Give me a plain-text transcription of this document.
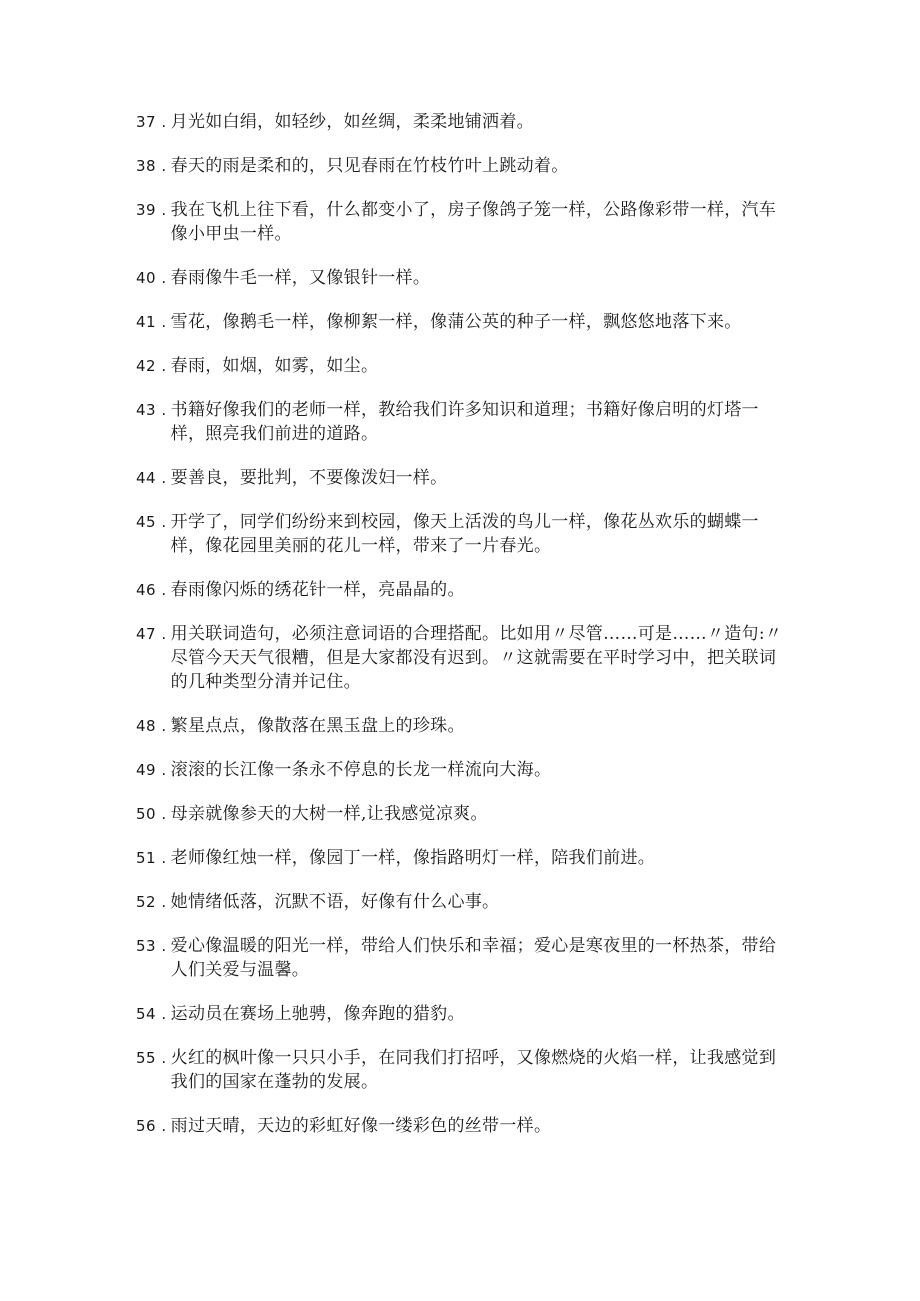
37 . 月光如白绢，如轻纱，如丝绸，柔柔地铺洒着。
38 . 春天的雨是柔和的，只见春雨在竹枝竹叶上跳动着。
39 . 我在飞机上往下看，什么都变小了，房子像鸽子笼一样，公路像彩带一样，汽车像小甲虫一样。
40 . 春雨像牛毛一样，又像银针一样。
41 . 雪花，像鹅毛一样，像柳絮一样，像蒲公英的种子一样，飘悠悠地落下来。
42 . 春雨，如烟，如雾，如尘。
43 . 书籍好像我们的老师一样，教给我们许多知识和道理；书籍好像启明的灯塔一样，照亮我们前进的道路。
44 . 要善良，要批判，不要像泼妇一样。
45 . 开学了，同学们纷纷来到校园，像天上活泼的鸟儿一样，像花丛欢乐的蝴蝶一样，像花园里美丽的花儿一样，带来了一片春光。
46 . 春雨像闪烁的绣花针一样，亮晶晶的。
47 . 用关联词造句，必须注意词语的合理搭配。比如用〃尽管……可是……〃造句:〃尽管今天天气很糟，但是大家都没有迟到。〃这就需要在平时学习中，把关联词的几种类型分清并记住。
48 . 繁星点点，像散落在黑玉盘上的珍珠。
49 . 滚滚的长江像一条永不停息的长龙一样流向大海。
50 . 母亲就像参天的大树一样,让我感觉凉爽。
51 . 老师像红烛一样，像园丁一样，像指路明灯一样，陪我们前进。
52 . 她情绪低落，沉默不语，好像有什么心事。
53 . 爱心像温暖的阳光一样，带给人们快乐和幸福；爱心是寒夜里的一杯热茶，带给人们关爱与温馨。
54 . 运动员在赛场上驰骋，像奔跑的猎豹。
55 . 火红的枫叶像一只只小手，在同我们打招呼，又像燃烧的火焰一样，让我感觉到我们的国家在蓬勃的发展。
56 . 雨过天晴，天边的彩虹好像一缕彩色的丝带一样。
